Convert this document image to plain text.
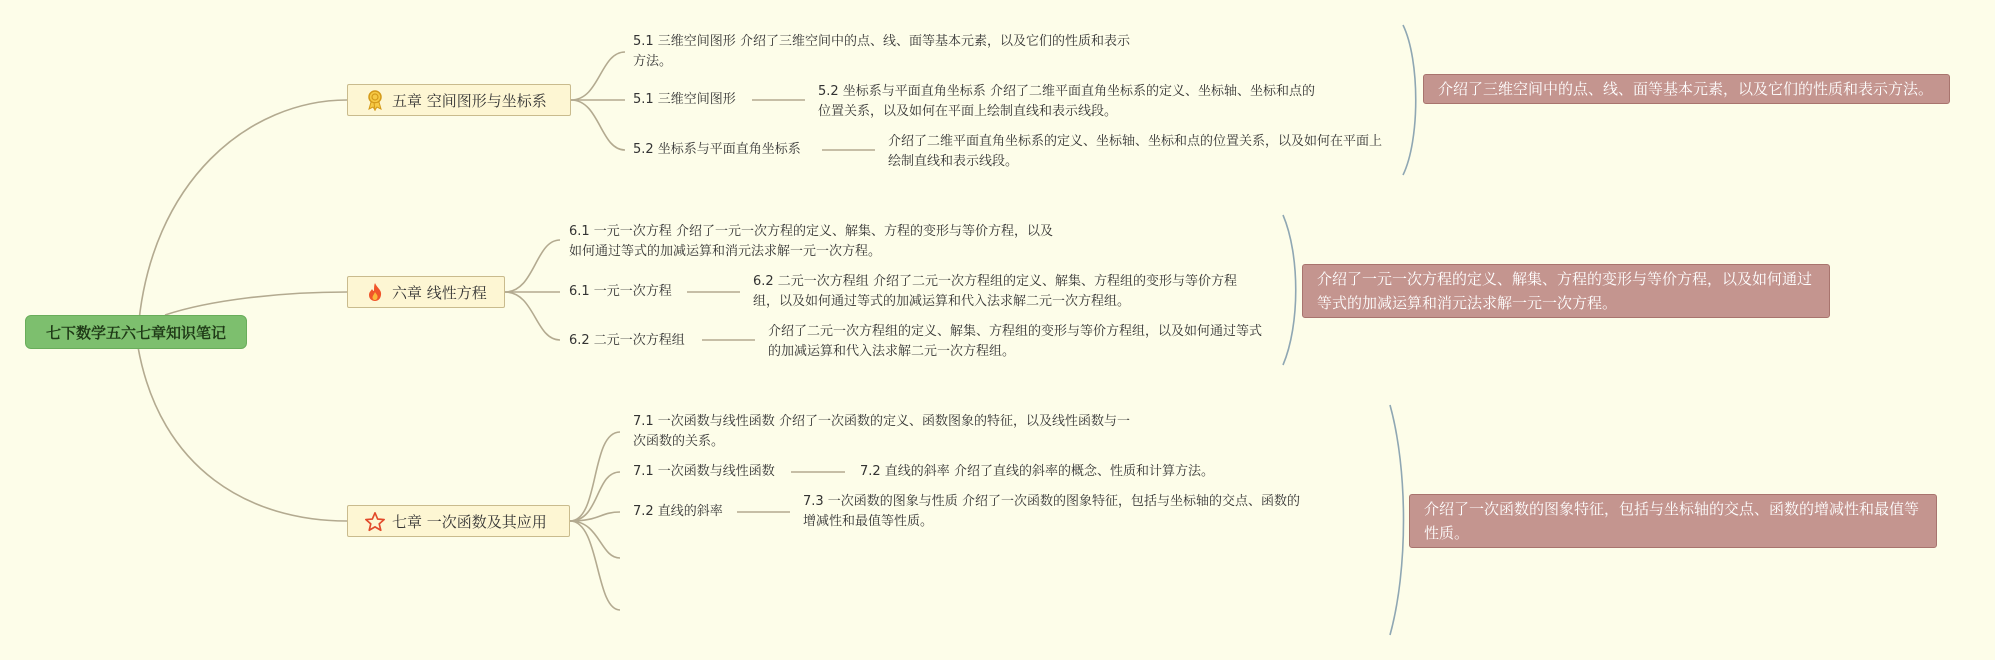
七下数学五六七章知识笔记
五章 空间图形与坐标系
六章 线性方程
七章 一次函数及其应用
5.1 三维空间图形 介绍了三维空间中的点、线、面等基本元素，以及它们的性质和表示方法。
5.1 三维空间图形
5.2 坐标系与平面直角坐标系
5.2 坐标系与平面直角坐标系 介绍了二维平面直角坐标系的定义、坐标轴、坐标和点的位置关系，以及如何在平面上绘制直线和表示线段。
介绍了二维平面直角坐标系的定义、坐标轴、坐标和点的位置关系，以及如何在平面上绘制直线和表示线段。
6.1 一元一次方程 介绍了一元一次方程的定义、解集、方程的变形与等价方程，以及如何通过等式的加减运算和消元法求解一元一次方程。
6.1 一元一次方程
6.2 二元一次方程组
6.2 二元一次方程组 介绍了二元一次方程组的定义、解集、方程组的变形与等价方程组，以及如何通过等式的加减运算和代入法求解二元一次方程组。
介绍了二元一次方程组的定义、解集、方程组的变形与等价方程组，以及如何通过等式的加减运算和代入法求解二元一次方程组。
7.1 一次函数与线性函数 介绍了一次函数的定义、函数图象的特征，以及线性函数与一次函数的关系。
7.1 一次函数与线性函数
7.2 直线的斜率
7.2 直线的斜率 介绍了直线的斜率的概念、性质和计算方法。
7.3 一次函数的图象与性质 介绍了一次函数的图象特征，包括与坐标轴的交点、函数的增减性和最值等性质。
介绍了三维空间中的点、线、面等基本元素，以及它们的性质和表示方法。
介绍了一元一次方程的定义、解集、方程的变形与等价方程，以及如何通过等式的加减运算和消元法求解一元一次方程。
介绍了一次函数的图象特征，包括与坐标轴的交点、函数的增减性和最值等性质。
